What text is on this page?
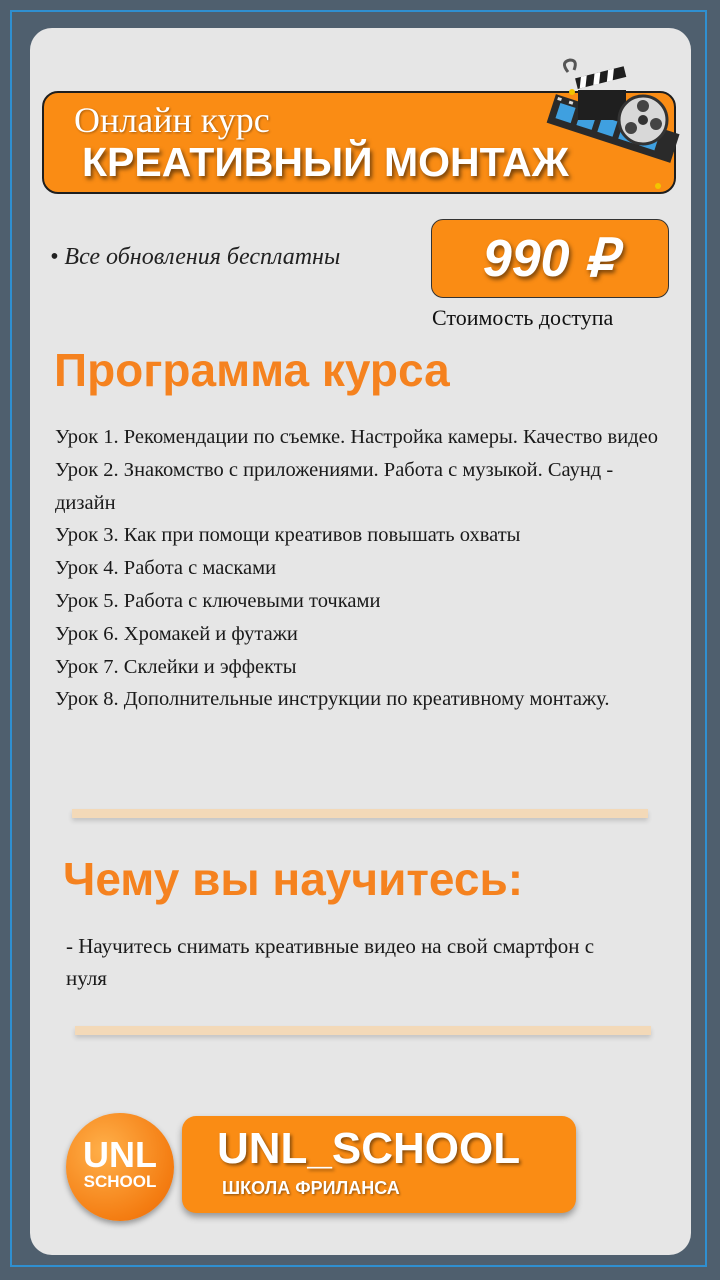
Онлайн курс
КРЕАТИВНЫЙ МОНТАЖ
• Все обновления бесплатны	990 ₽
Стоимость доступа
Программа курса
Урок 1. Рекомендации по съемке. Настройка камеры. Качество видео
Урок 2. Знакомство с приложениями. Работа с музыкой. Саунд - дизайн
Урок 3. Как при помощи креативов повышать охваты
Урок 4. Работа с масками
Урок 5. Работа с ключевыми точками
Урок 6. Хромакей и футажи
Урок 7. Склейки и эффекты
Урок 8. Дополнительные инструкции по креативному монтажу.
Чему вы научитесь:
- Научитесь снимать креативные видео на свой смартфон с нуля
UNL
SCHOOL
UNL_SCHOOL
ШКОЛА ФРИЛАНСА
